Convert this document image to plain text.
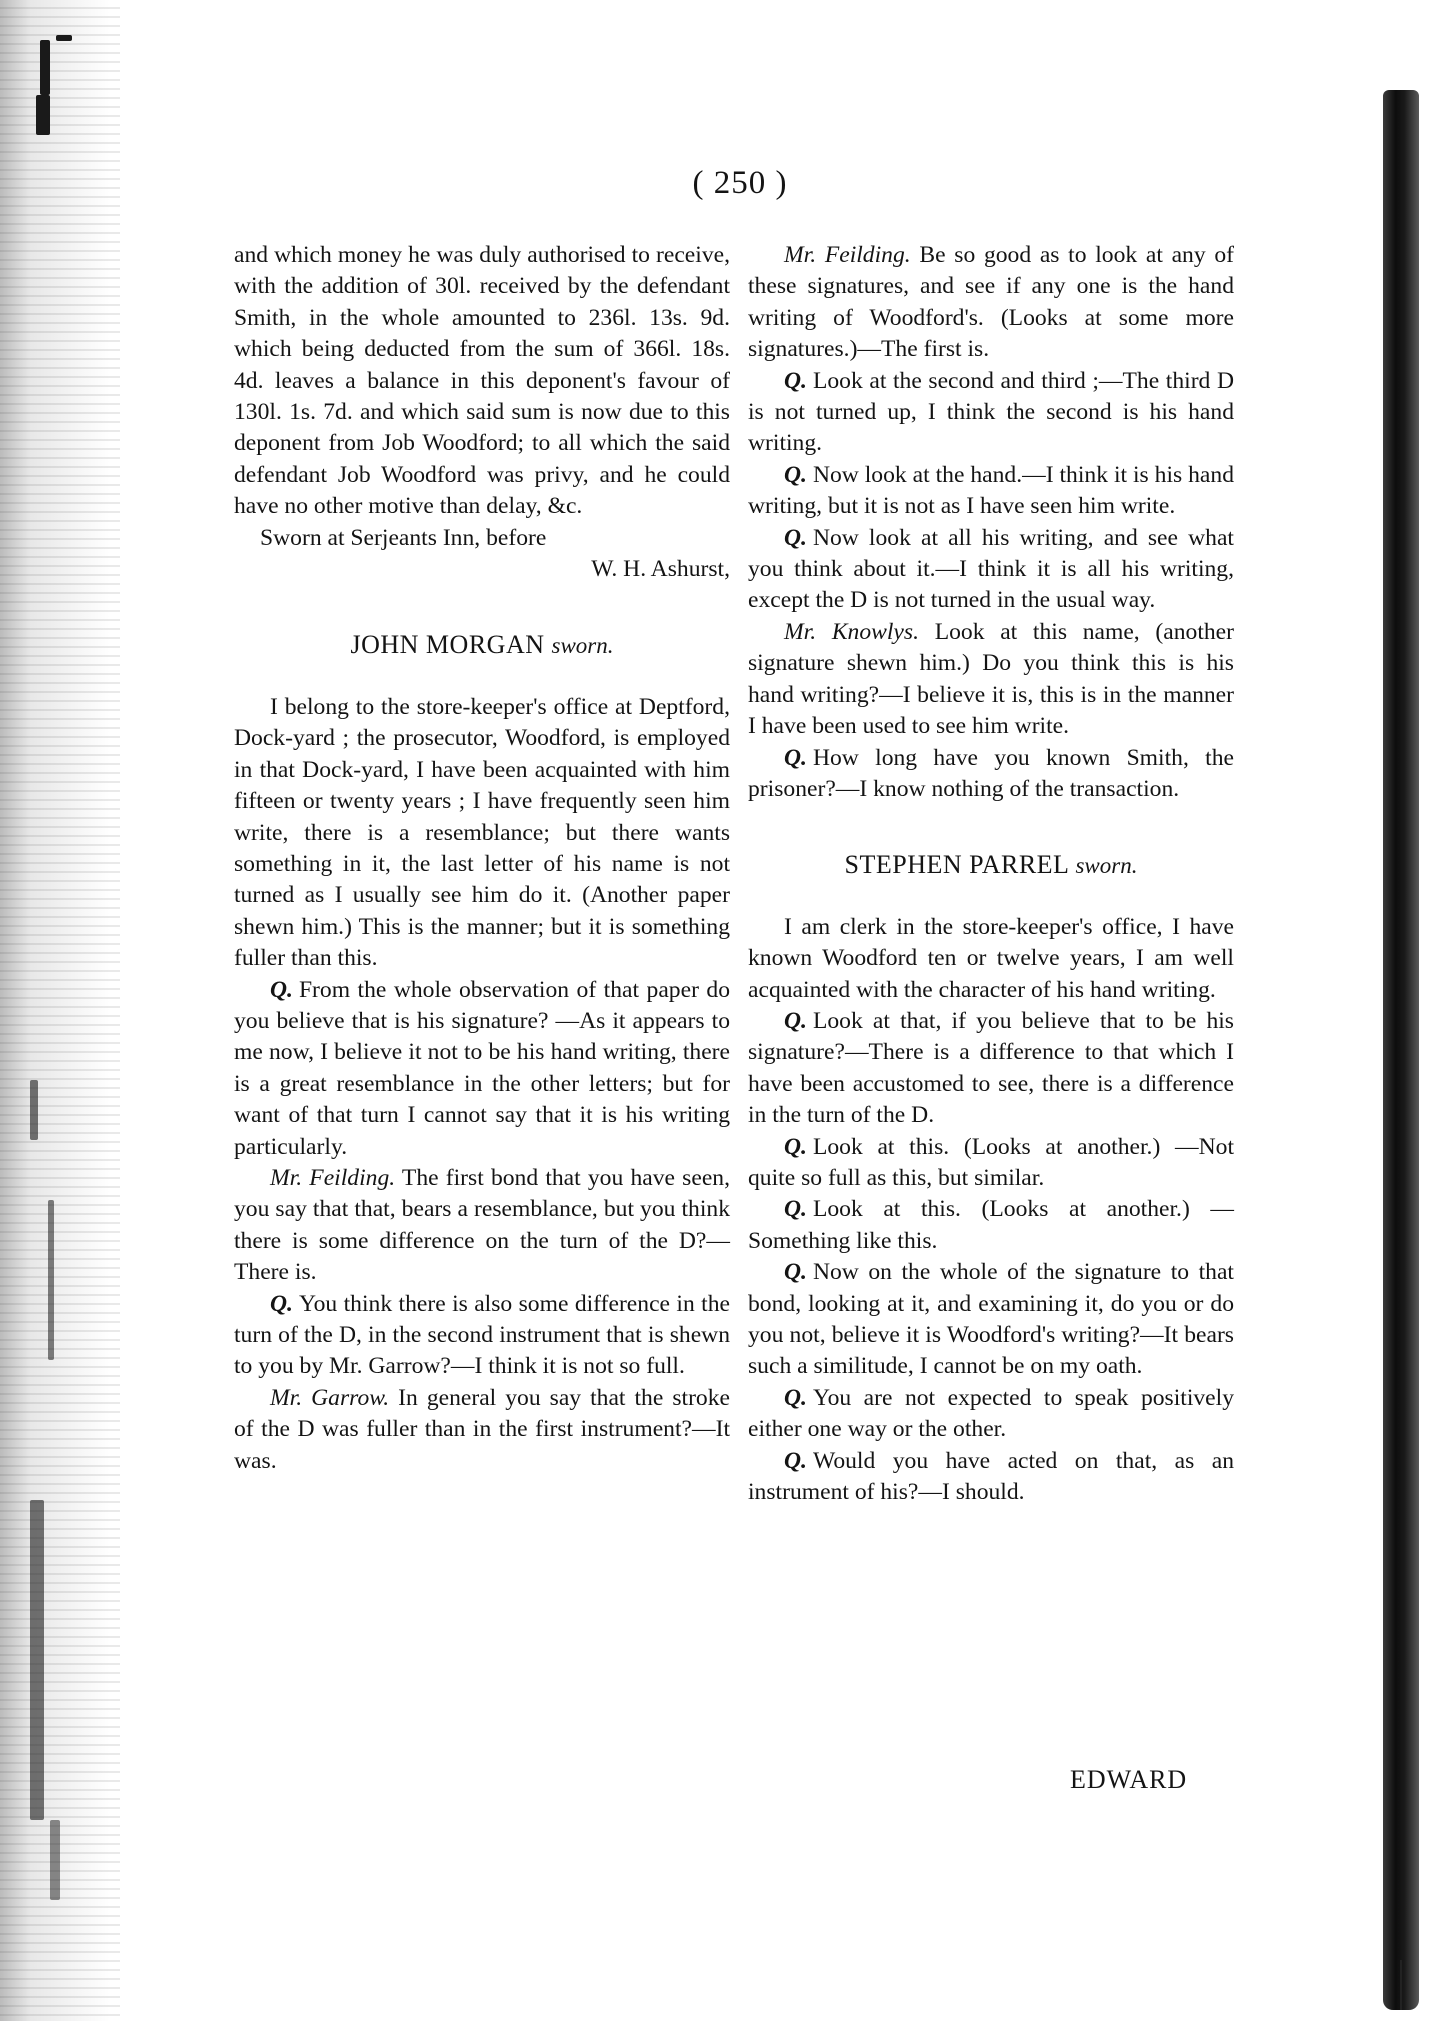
( 250 )

and which money he was duly authorised to receive, with the addition of 30l. received by the defendant Smith, in the whole amounted to 236l. 13s. 9d. which being deducted from the sum of 366l. 18s. 4d. leaves a balance in this deponent's favour of 130l. 1s. 7d. and which said sum is now due to this deponent from Job Woodford; to all which the said defendant Job Woodford was privy, and he could have no other motive than delay, &c.

Sworn at Serjeants Inn, before

W. H. Ashurst,

JOHN MORGAN sworn.

I belong to the store-keeper's office at Deptford, Dock-yard ; the prosecutor, Woodford, is employed in that Dock-yard, I have been acquainted with him fifteen or twenty years ; I have frequently seen him write, there is a resemblance; but there wants something in it, the last letter of his name is not turned as I usually see him do it. (Another paper shewn him.) This is the manner; but it is something fuller than this.

Q. From the whole observation of that paper do you believe that is his signature? —As it appears to me now, I believe it not to be his hand writing, there is a great resemblance in the other letters; but for want of that turn I cannot say that it is his writing particularly.

Mr. Feilding. The first bond that you have seen, you say that that, bears a resemblance, but you think there is some difference on the turn of the D?—There is.

Q. You think there is also some difference in the turn of the D, in the second instrument that is shewn to you by Mr. Garrow?—I think it is not so full.

Mr. Garrow. In general you say that the stroke of the D was fuller than in the first instrument?—It was.

Mr. Feilding. Be so good as to look at any of these signatures, and see if any one is the hand writing of Woodford's. (Looks at some more signatures.)—The first is.

Q. Look at the second and third ;—The third D is not turned up, I think the second is his hand writing.

Q. Now look at the hand.—I think it is his hand writing, but it is not as I have seen him write.

Q. Now look at all his writing, and see what you think about it.—I think it is all his writing, except the D is not turned in the usual way.

Mr. Knowlys. Look at this name, (another signature shewn him.) Do you think this is his hand writing?—I believe it is, this is in the manner I have been used to see him write.

Q. How long have you known Smith, the prisoner?—I know nothing of the transaction.

STEPHEN PARREL sworn.

I am clerk in the store-keeper's office, I have known Woodford ten or twelve years, I am well acquainted with the character of his hand writing.

Q. Look at that, if you believe that to be his signature?—There is a difference to that which I have been accustomed to see, there is a difference in the turn of the D.

Q. Look at this. (Looks at another.) —Not quite so full as this, but similar.

Q. Look at this. (Looks at another.) —Something like this.

Q. Now on the whole of the signature to that bond, looking at it, and examining it, do you or do you not, believe it is Woodford's writing?—It bears such a similitude, I cannot be on my oath.

Q. You are not expected to speak positively either one way or the other.

Q. Would you have acted on that, as an instrument of his?—I should.

EDWARD
